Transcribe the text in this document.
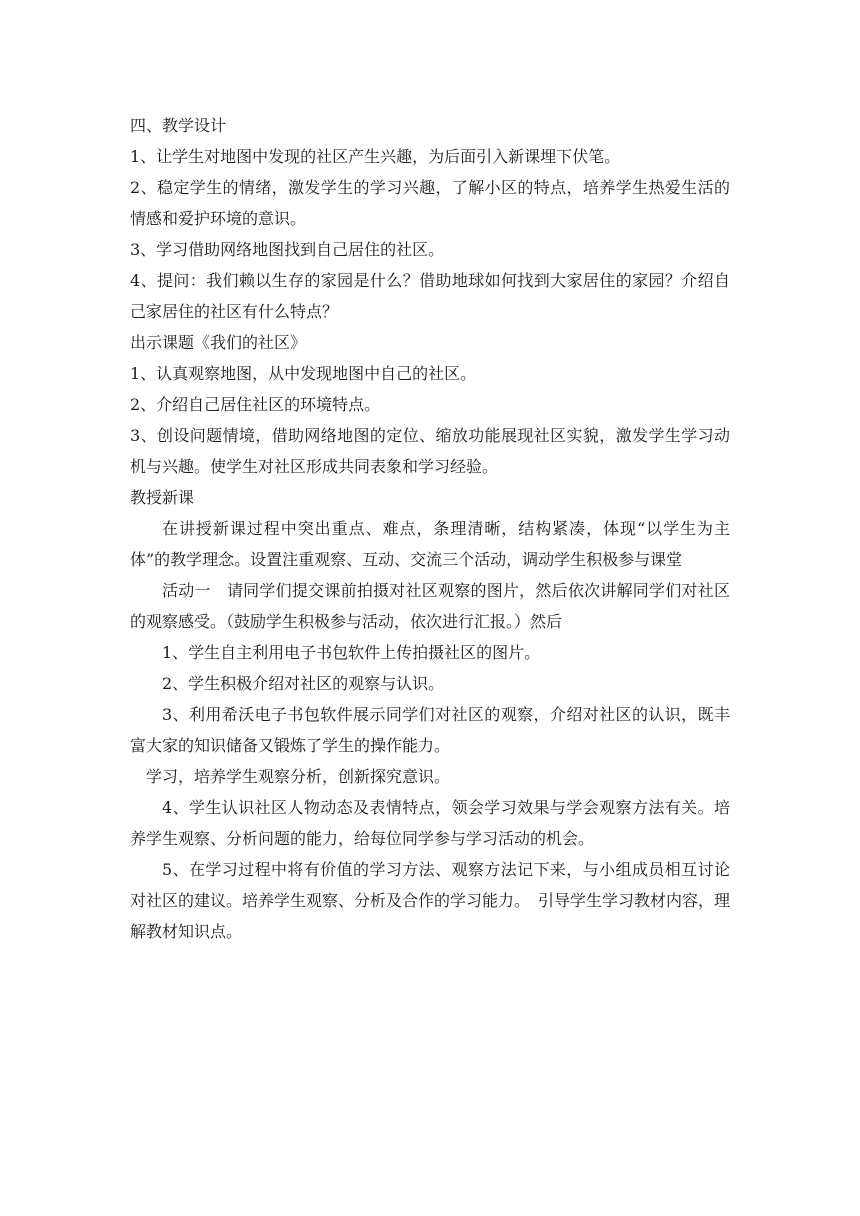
四、教学设计

1、让学生对地图中发现的社区产生兴趣，为后面引入新课埋下伏笔。

2、稳定学生的情绪，激发学生的学习兴趣，了解小区的特点，培养学生热爱生活的情感和爱护环境的意识。

3、学习借助网络地图找到自己居住的社区。

4、提问：我们赖以生存的家园是什么？借助地球如何找到大家居住的家园？介绍自己家居住的社区有什么特点？

出示课题《我们的社区》

1、认真观察地图，从中发现地图中自己的社区。

2、介绍自己居住社区的环境特点。

3、创设问题情境，借助网络地图的定位、缩放功能展现社区实貌，激发学生学习动机与兴趣。使学生对社区形成共同表象和学习经验。

教授新课

在讲授新课过程中突出重点、难点，条理清晰，结构紧凑，体现“以学生为主体”的教学理念。设置注重观察、互动、交流三个活动，调动学生积极参与课堂

活动一　请同学们提交课前拍摄对社区观察的图片，然后依次讲解同学们对社区的观察感受。（鼓励学生积极参与活动，依次进行汇报。）然后

1、学生自主利用电子书包软件上传拍摄社区的图片。

2、学生积极介绍对社区的观察与认识。

3、利用希沃电子书包软件展示同学们对社区的观察，介绍对社区的认识，既丰富大家的知识储备又锻炼了学生的操作能力。

学习，培养学生观察分析，创新探究意识。

4、学生认识社区人物动态及表情特点，领会学习效果与学会观察方法有关。培养学生观察、分析问题的能力，给每位同学参与学习活动的机会。

5、在学习过程中将有价值的学习方法、观察方法记下来，与小组成员相互讨论对社区的建议。培养学生观察、分析及合作的学习能力。　引导学生学习教材内容，理解教材知识点。
